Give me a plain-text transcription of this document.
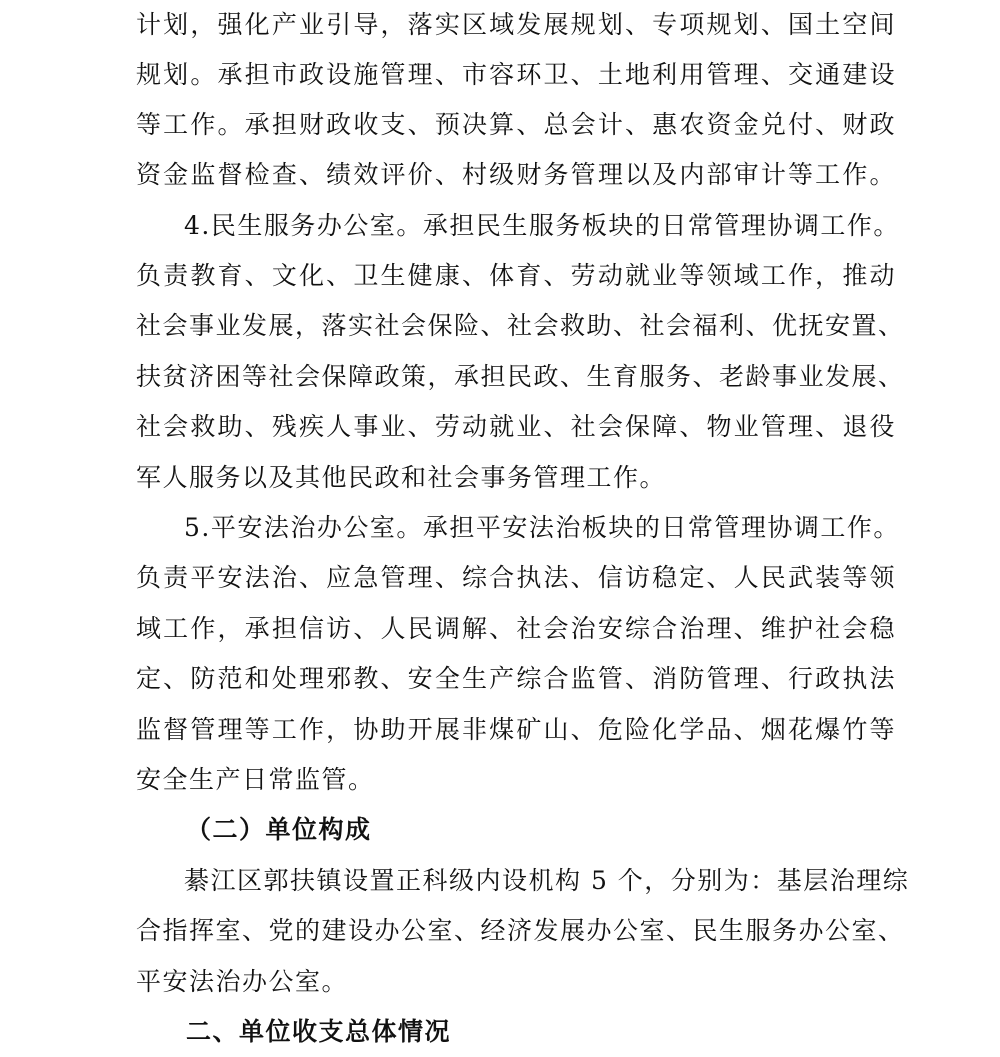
计划，强化产业引导，落实区域发展规划、专项规划、国土空间
规划。承担市政设施管理、市容环卫、土地利用管理、交通建设
等工作。承担财政收支、预决算、总会计、惠农资金兑付、财政
资金监督检查、绩效评价、村级财务管理以及内部审计等工作。
4.民生服务办公室。承担民生服务板块的日常管理协调工作。
负责教育、文化、卫生健康、体育、劳动就业等领域工作，推动
社会事业发展，落实社会保险、社会救助、社会福利、优抚安置、
扶贫济困等社会保障政策，承担民政、生育服务、老龄事业发展、
社会救助、残疾人事业、劳动就业、社会保障、物业管理、退役
军人服务以及其他民政和社会事务管理工作。
5.平安法治办公室。承担平安法治板块的日常管理协调工作。
负责平安法治、应急管理、综合执法、信访稳定、人民武装等领
域工作，承担信访、人民调解、社会治安综合治理、维护社会稳
定、防范和处理邪教、安全生产综合监管、消防管理、行政执法
监督管理等工作，协助开展非煤矿山、危险化学品、烟花爆竹等
安全生产日常监管。
（二）单位构成
綦江区郭扶镇设置正科级内设机构 5 个，分别为：基层治理综
合指挥室、党的建设办公室、经济发展办公室、民生服务办公室、
平安法治办公室。
二、单位收支总体情况
